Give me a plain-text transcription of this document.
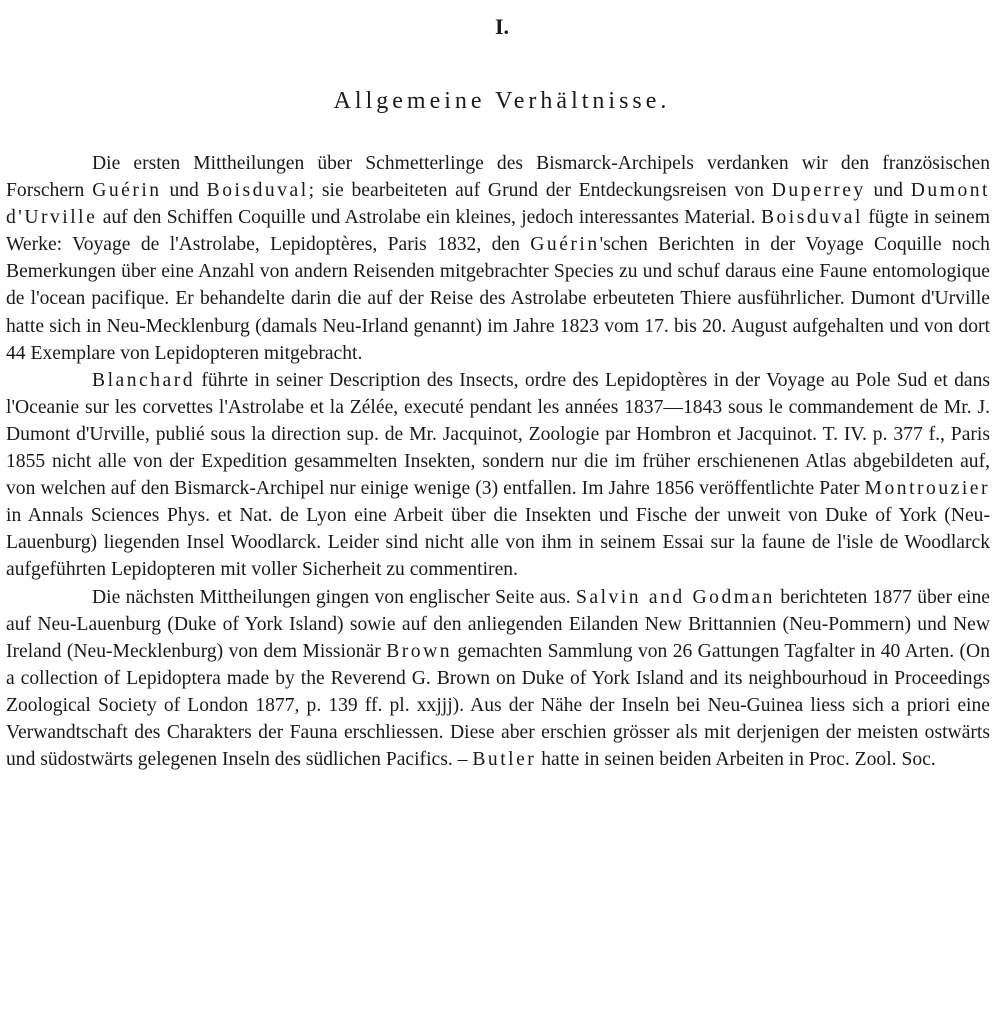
I.
Allgemeine Verhältnisse.

Die ersten Mittheilungen über Schmetterlinge des Bismarck-Archipels verdanken wir den französischen Forschern Guérin und Boisduval; sie bearbeiteten auf Grund der Entdeckungsreisen von Duperrey und Dumont d'Urville auf den Schiffen Coquille und Astrolabe ein kleines, jedoch interessantes Material. Boisduval fügte in seinem Werke: Voyage de l'Astrolabe, Lepidoptères, Paris 1832, den Guérin'schen Berichten in der Voyage Coquille noch Bemerkungen über eine Anzahl von andern Reisenden mitgebrachter Species zu und schuf daraus eine Faune entomologique de l'ocean pacifique. Er behandelte darin die auf der Reise des Astrolabe erbeuteten Thiere ausführlicher. Dumont d'Urville hatte sich in Neu-Mecklenburg (damals Neu-Irland genannt) im Jahre 1823 vom 17. bis 20. August aufgehalten und von dort 44 Exemplare von Lepidopteren mitgebracht.

Blanchard führte in seiner Description des Insects, ordre des Lepidoptères in der Voyage au Pole Sud et dans l'Oceanie sur les corvettes l'Astrolabe et la Zélée, executé pendant les années 1837—1843 sous le commandement de Mr. J. Dumont d'Urville, publié sous la direction sup. de Mr. Jacquinot, Zoologie par Hombron et Jacquinot. T. IV. p. 377 f., Paris 1855 nicht alle von der Expedition gesammelten Insekten, sondern nur die im früher erschienenen Atlas abgebildeten auf, von welchen auf den Bismarck-Archipel nur einige wenige (3) entfallen. Im Jahre 1856 veröffentlichte Pater Montrouzier in Annals Sciences Phys. et Nat. de Lyon eine Arbeit über die Insekten und Fische der unweit von Duke of York (Neu-Lauenburg) liegenden Insel Woodlarck. Leider sind nicht alle von ihm in seinem Essai sur la faune de l'isle de Woodlarck aufgeführten Lepidopteren mit voller Sicherheit zu commentiren.

Die nächsten Mittheilungen gingen von englischer Seite aus. Salvin and Godman berichteten 1877 über eine auf Neu-Lauenburg (Duke of York Island) sowie auf den anliegenden Eilanden New Brittannien (Neu-Pommern) und New Ireland (Neu-Mecklenburg) von dem Missionär Brown gemachten Sammlung von 26 Gattungen Tagfalter in 40 Arten. (On a collection of Lepidoptera made by the Reverend G. Brown on Duke of York Island and its neighbourhoud in Proceedings Zoological Society of London 1877, p. 139 ff. pl. xxjjj). Aus der Nähe der Inseln bei Neu-Guinea liess sich a priori eine Verwandtschaft des Charakters der Fauna erschliessen. Diese aber erschien grösser als mit derjenigen der meisten ostwärts und südostwärts gelegenen Inseln des südlichen Pacifics. – Butler hatte in seinen beiden Arbeiten in Proc. Zool. Soc.
